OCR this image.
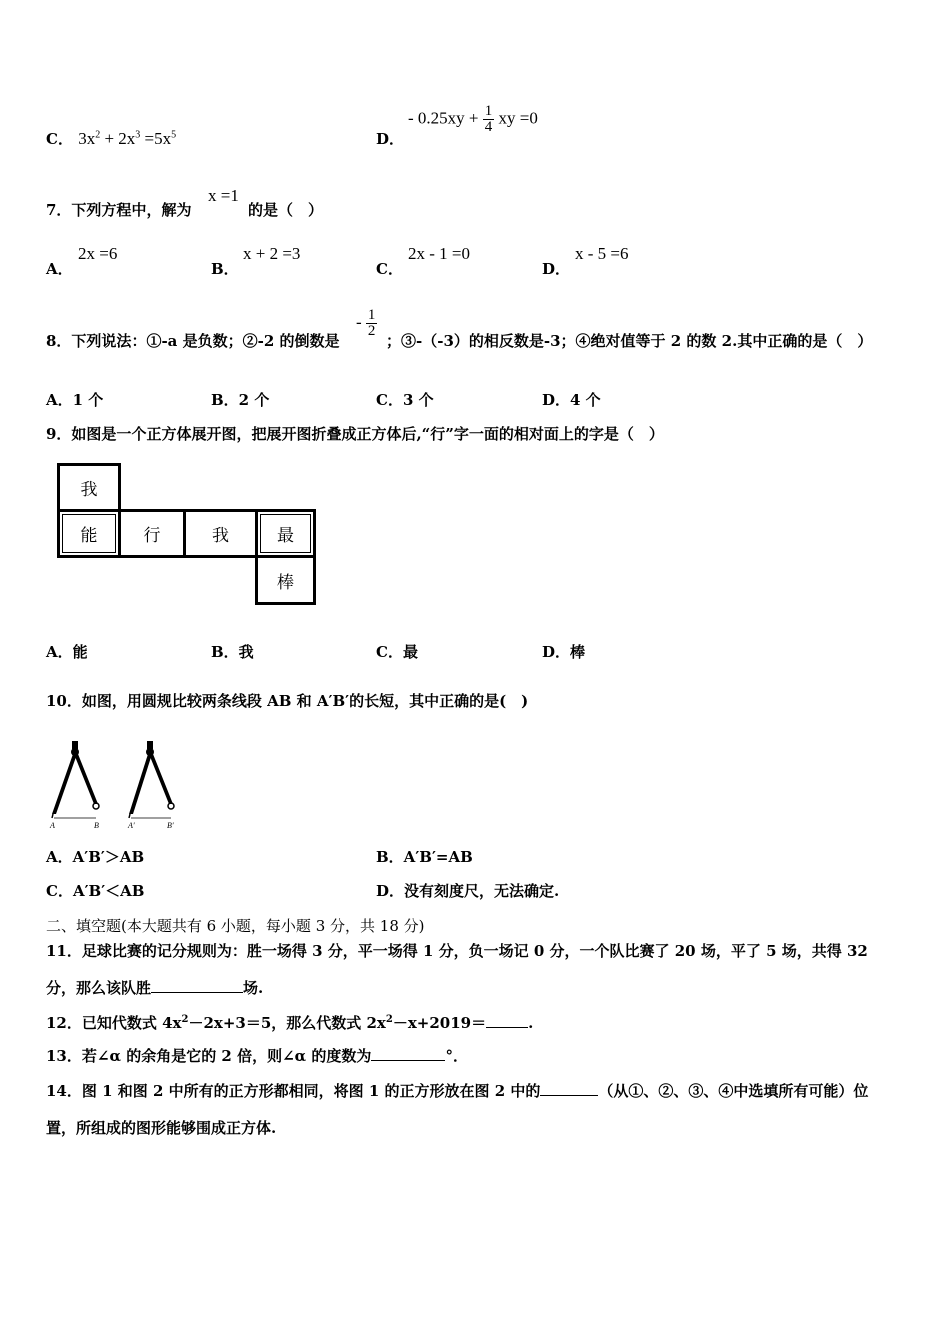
C． $3x^2 + 2x^3 =5x^5$	D．
- $0.25xy + \frac{1}{4}$ xy =0
7．下列方程中，解为
x =1
的是（　）
A．
2x =6
B．
x + 2 =3
C．
2x - 1 =0
D．
x - 5 =6
8．下列说法：①-a 是负数；②-2 的倒数是
- $\frac{1}{2}$
；③-（-3）的相反数是-3；④绝对值等于 2 的数 2.其中正确的是（　）
A．1 个	B．2 个	C．3 个	D．4 个
9．如图是一个正方体展开图，把展开图折叠成正方体后,“行”字一面的相对面上的字是（　）
我
能	行	我	最
棒
A．能	B．我	C．最	D．棒
10．如图，用圆规比较两条线段 AB 和 A′B′的长短，其中正确的是(　)
A	B	A′	B′
A．A′B′＞AB	B．A′B′=AB
C．A′B′＜AB	D．没有刻度尺，无法确定.
二、填空题(本大题共有 6 小题，每小题 3 分，共 18 分)
11．足球比赛的记分规则为：胜一场得 3 分，平一场得 1 分，负一场记 0 分，一个队比赛了 20 场，平了 5 场，共得 32
分，那么该队胜	场.
12．已知代数式 $4x^2-2x+3=5$，那么代数式 $2x^2-x+2019=$	.
13．若∠α 的余角是它的 2 倍，则∠α 的度数为	°．
14．图 1 和图 2 中所有的正方形都相同，将图 1 的正方形放在图 2 中的	（从①、②、③、④中选填所有可能）位
置，所组成的图形能够围成正方体.
